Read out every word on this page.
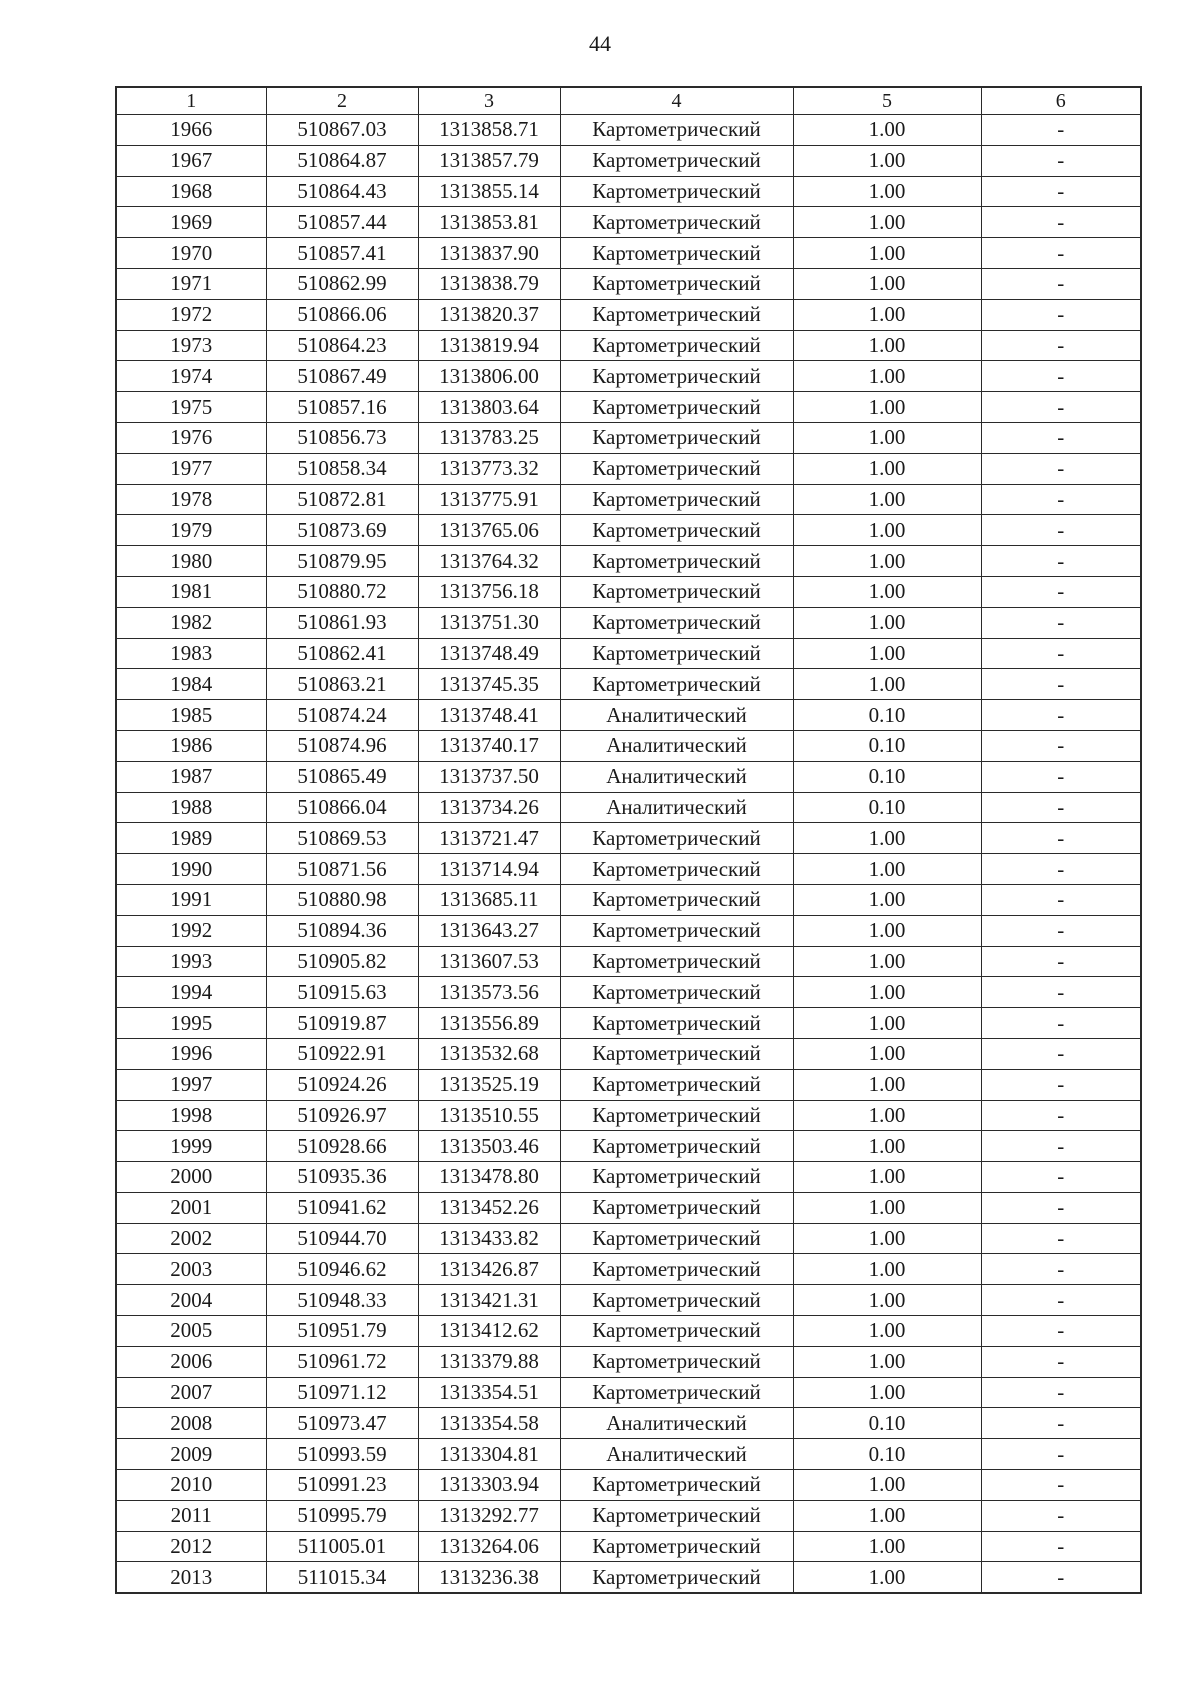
44
1	2	3	4	5	6
1966	510867.03	1313858.71	Картометрический	1.00	-
1967	510864.87	1313857.79	Картометрический	1.00	-
1968	510864.43	1313855.14	Картометрический	1.00	-
1969	510857.44	1313853.81	Картометрический	1.00	-
1970	510857.41	1313837.90	Картометрический	1.00	-
1971	510862.99	1313838.79	Картометрический	1.00	-
1972	510866.06	1313820.37	Картометрический	1.00	-
1973	510864.23	1313819.94	Картометрический	1.00	-
1974	510867.49	1313806.00	Картометрический	1.00	-
1975	510857.16	1313803.64	Картометрический	1.00	-
1976	510856.73	1313783.25	Картометрический	1.00	-
1977	510858.34	1313773.32	Картометрический	1.00	-
1978	510872.81	1313775.91	Картометрический	1.00	-
1979	510873.69	1313765.06	Картометрический	1.00	-
1980	510879.95	1313764.32	Картометрический	1.00	-
1981	510880.72	1313756.18	Картометрический	1.00	-
1982	510861.93	1313751.30	Картометрический	1.00	-
1983	510862.41	1313748.49	Картометрический	1.00	-
1984	510863.21	1313745.35	Картометрический	1.00	-
1985	510874.24	1313748.41	Аналитический	0.10	-
1986	510874.96	1313740.17	Аналитический	0.10	-
1987	510865.49	1313737.50	Аналитический	0.10	-
1988	510866.04	1313734.26	Аналитический	0.10	-
1989	510869.53	1313721.47	Картометрический	1.00	-
1990	510871.56	1313714.94	Картометрический	1.00	-
1991	510880.98	1313685.11	Картометрический	1.00	-
1992	510894.36	1313643.27	Картометрический	1.00	-
1993	510905.82	1313607.53	Картометрический	1.00	-
1994	510915.63	1313573.56	Картометрический	1.00	-
1995	510919.87	1313556.89	Картометрический	1.00	-
1996	510922.91	1313532.68	Картометрический	1.00	-
1997	510924.26	1313525.19	Картометрический	1.00	-
1998	510926.97	1313510.55	Картометрический	1.00	-
1999	510928.66	1313503.46	Картометрический	1.00	-
2000	510935.36	1313478.80	Картометрический	1.00	-
2001	510941.62	1313452.26	Картометрический	1.00	-
2002	510944.70	1313433.82	Картометрический	1.00	-
2003	510946.62	1313426.87	Картометрический	1.00	-
2004	510948.33	1313421.31	Картометрический	1.00	-
2005	510951.79	1313412.62	Картометрический	1.00	-
2006	510961.72	1313379.88	Картометрический	1.00	-
2007	510971.12	1313354.51	Картометрический	1.00	-
2008	510973.47	1313354.58	Аналитический	0.10	-
2009	510993.59	1313304.81	Аналитический	0.10	-
2010	510991.23	1313303.94	Картометрический	1.00	-
2011	510995.79	1313292.77	Картометрический	1.00	-
2012	511005.01	1313264.06	Картометрический	1.00	-
2013	511015.34	1313236.38	Картометрический	1.00	-
